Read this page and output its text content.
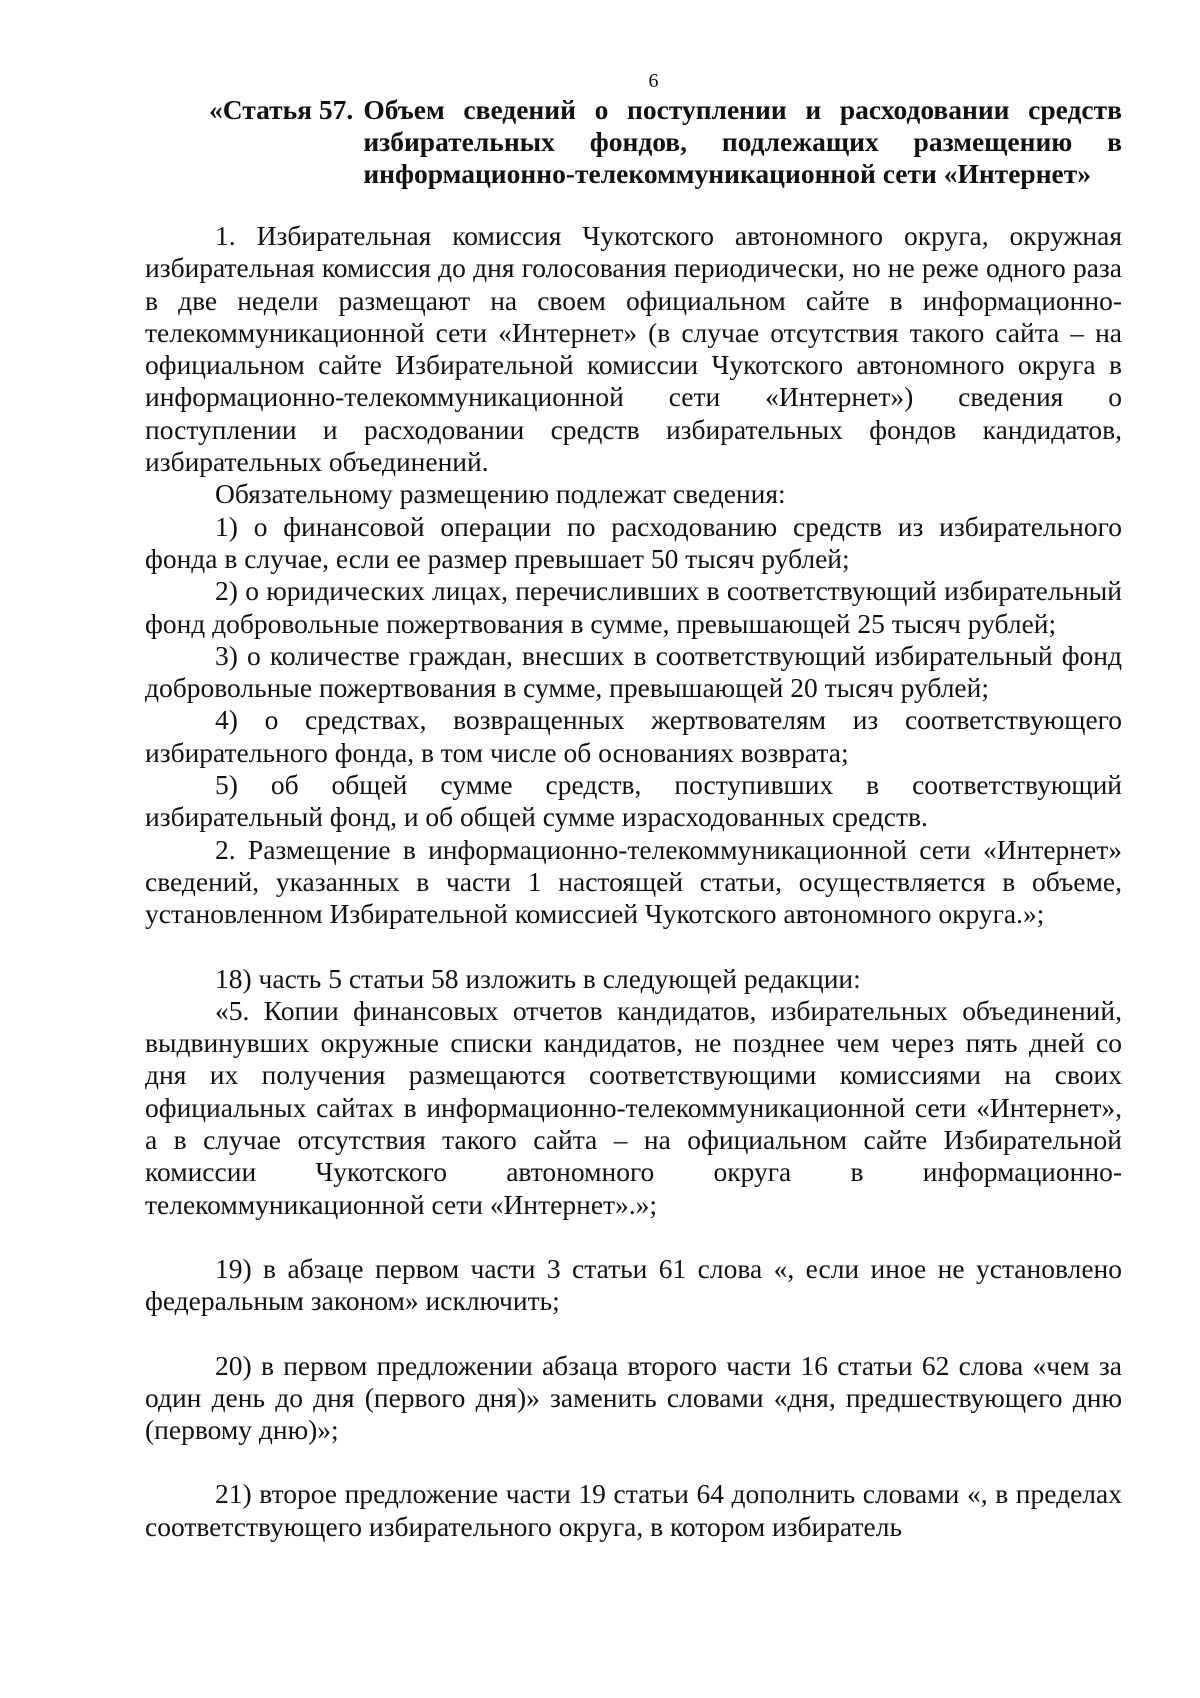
6
«Статья 57. Объем сведений о поступлении и расходовании средств избирательных фондов, подлежащих размещению в информационно-телекоммуникационной сети «Интернет»

1. Избирательная комиссия Чукотского автономного округа, окружная избирательная комиссия до дня голосования периодически, но не реже одного раза в две недели размещают на своем официальном сайте в информационно-телекоммуникационной сети «Интернет» (в случае отсутствия такого сайта – на официальном сайте Избирательной комиссии Чукотского автономного округа в информационно-телекоммуникационной сети «Интернет») сведения о поступлении и расходовании средств избирательных фондов кандидатов, избирательных объединений.

Обязательному размещению подлежат сведения:

1) о финансовой операции по расходованию средств из избирательного фонда в случае, если ее размер превышает 50 тысяч рублей;

2) о юридических лицах, перечисливших в соответствующий избирательный фонд добровольные пожертвования в сумме, превышающей 25 тысяч рублей;

3) о количестве граждан, внесших в соответствующий избирательный фонд добровольные пожертвования в сумме, превышающей 20 тысяч рублей;

4) о средствах, возвращенных жертвователям из соответствующего избирательного фонда, в том числе об основаниях возврата;

5) об общей сумме средств, поступивших в соответствующий избирательный фонд, и об общей сумме израсходованных средств.

2. Размещение в информационно-телекоммуникационной сети «Интернет» сведений, указанных в части 1 настоящей статьи, осуществляется в объеме, установленном Избирательной комиссией Чукотского автономного округа.»;

18) часть 5 статьи 58 изложить в следующей редакции:

«5. Копии финансовых отчетов кандидатов, избирательных объединений, выдвинувших окружные списки кандидатов, не позднее чем через пять дней со дня их получения размещаются соответствующими комиссиями на своих официальных сайтах в информационно-телекоммуникационной сети «Интернет», а в случае отсутствия такого сайта – на официальном сайте Избирательной комиссии Чукотского автономного округа в информационно-телекоммуникационной сети «Интернет».»;

19) в абзаце первом части 3 статьи 61 слова «, если иное не установлено федеральным законом» исключить;

20) в первом предложении абзаца второго части 16 статьи 62 слова «чем за один день до дня (первого дня)» заменить словами «дня, предшествующего дню (первому дню)»;

21) второе предложение части 19 статьи 64 дополнить словами «, в пределах соответствующего избирательного округа, в котором избиратель
